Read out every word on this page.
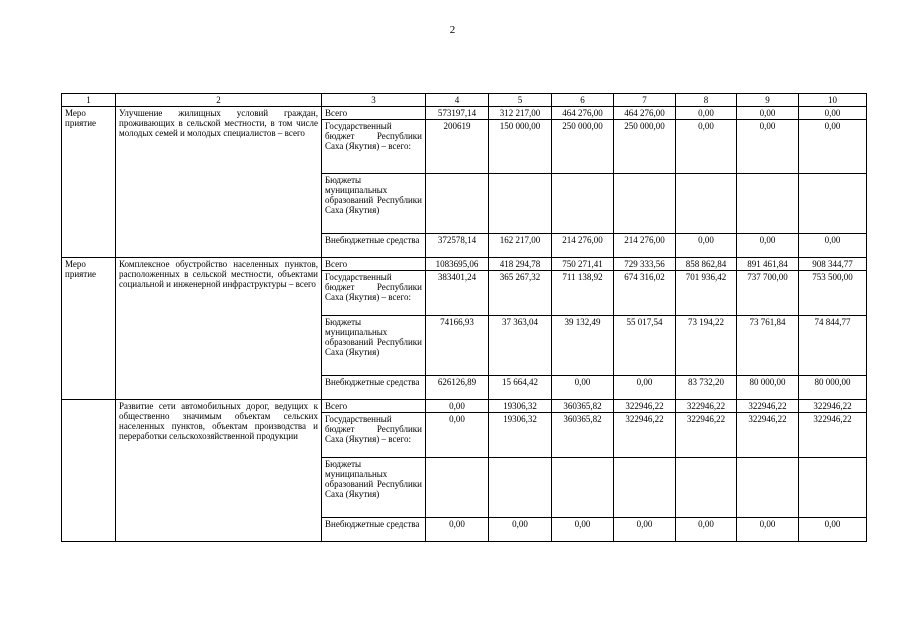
2
1	2	3	4	5	6	7	8	9	10
Меро приятие	Улучшение жилищных условий граждан, проживающих в сельской местности, в том числе молодых семей и молодых специалистов – всего	Всего	573197,14	312 217,00	464 276,00	464 276,00	0,00	0,00	0,00
		Государственный бюджет Республики Саха (Якутия) – всего:	200619	150 000,00	250 000,00	250 000,00	0,00	0,00	0,00
		Бюджеты муниципальных образований Республики Саха (Якутия)							
		Внебюджетные средства	372578,14	162 217,00	214 276,00	214 276,00	0,00	0,00	0,00
Меро приятие	Комплексное обустройство населенных пунктов, расположенных в сельской местности, объектами социальной и инженерной инфраструктуры – всего	Всего	1083695,06	418 294,78	750 271,41	729 333,56	858 862,84	891 461,84	908 344,77
		Государственный бюджет Республики Саха (Якутия) – всего:	383401,24	365 267,32	711 138,92	674 316,02	701 936,42	737 700,00	753 500,00
		Бюджеты муниципальных образований Республики Саха (Якутия)	74166,93	37 363,04	39 132,49	55 017,54	73 194,22	73 761,84	74 844,77
		Внебюджетные средства	626126,89	15 664,42	0,00	0,00	83 732,20	80 000,00	80 000,00
	Развитие сети автомобильных дорог, ведущих к общественно значимым объектам сельских населенных пунктов, объектам производства и переработки сельскохозяйственной продукции	Всего	0,00	19306,32	360365,82	322946,22	322946,22	322946,22	322946,22
		Государственный бюджет Республики Саха (Якутия) – всего:	0,00	19306,32	360365,82	322946,22	322946,22	322946,22	322946,22
		Бюджеты муниципальных образований Республики Саха (Якутия)							
		Внебюджетные средства	0,00	0,00	0,00	0,00	0,00	0,00	0,00
